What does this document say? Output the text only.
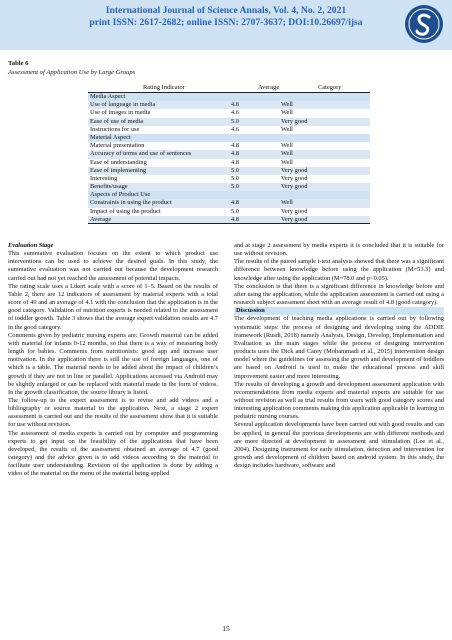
International Journal of Science Annals, Vol. 4, No. 2, 2021
print ISSN: 2617-2682; online ISSN: 2707-3637; DOI:10.26697/ijsa
Table 6
Assessment of Application Use by Large Groups
Rating Indicator	Average	Category
Media Aspect
Use of language in media	4.8	Well
Use of images in media	4.6	Well
Ease of use of media	5.0	Very good
Instructions for use	4.6	Well
Material Aspect
Material presentation	4.8	Well
Accuracy of terms and use of sentences	4.8	Well
Ease of understanding	4.8	Well
Ease of implementing	5.0	Very good
Interesting	5.0	Very good
Benefits/usage	5.0	Very good
Aspects of Product Use
Constraints in using the product	4.8	Well
Impact of using the product	5.0	Very good
Average	4.8	Very good

Evaluation Stage

This summative evaluation focuses on the extent to which product use interventions can be used to achieve the desired goals. In this study, the summative evaluation was not carried out because the development research carried out had not yet reached the assessment of potential impacts.

The rating scale uses a Likert scale with a score of 1–5. Based on the results of Table 2, there are 12 indicators of assessment by material experts with a total score of 49 and an average of 4.1 with the conclusion that the application is in the good category. Validation of nutrition experts is needed related to the assessment of toddler growth. Table 3 shows that the average expert validation results are 4.7 in the good category.

Comments given by pediatric nursing experts are: Growth material can be added with material for infants 0-12 months, so that there is a way of measuring body length for babies. Comments from nutritionists: good app and increase user motivation. In the application there is still the use of foreign languages, one of which is a table. The material needs to be added about the impact of children’s growth if they are not in line or parallel. Applications accessed via Android may be slightly enlarged or can be replaced with material made in the form of videos. In the growth classification, the source library is listed.

The follow-up to the expert assessment is to revise and add videos and a bibliography or source material to the application. Next, a stage 2 expert assessment is carried out and the results of the assessment show that it is suitable for use without revision.

The assessment of media experts is carried out by computer and programming experts to get input on the feasibility of the applications that have been developed, the results of the assessment obtained an average of 4.7 (good category) and the advice given is to add videos according to the material to facilitate user understanding. Revision of the application is done by adding a video of the material on the menu of the material being applied

and at stage 2 assessment by media experts it is concluded that it is suitable for use without revision.

The results of the paired sample t-test analysis showed that there was a significant difference between knowledge before using the application (M=53.3) and knowledge after using the application (M=78.0 and p<0.05).

The conclusion is that there is a significant difference in knowledge before and after using the application, while the application assessment is carried out using a research subject assessment sheet with an average result of 4.8 (good category).

Discussion

The development of teaching media applications is carried out by following systematic steps: the process of designing and developing using the ADDIE framework (Rusdi, 2018) namely Analysis, Design, Develop, Implementation and Evaluation as the main stages while the process of designing intervention products uses the Dick and Carey (Mohammadi et al., 2015) intervention design model where the guidelines for assessing the growth and development of toddlers are based on Android is used to make the educational process and skill improvement easier and more interesting.

The results of developing a growth and development assessment application with recommendations from media experts and material experts are suitable for use without revision as well as trial results from users with good category scores and interesting application comments making this application applicable in learning in pediatric nursing courses.

Several application developments have been carried out with good results and can be applied, in general the previous developments are with different methods and are more directed at development in assessment and stimulation (Lee et al., 2004). Designing instrument for early stimulation, detection and intervention for growth and development of children based on android system. In this study, the design includes hardware, software and

15
